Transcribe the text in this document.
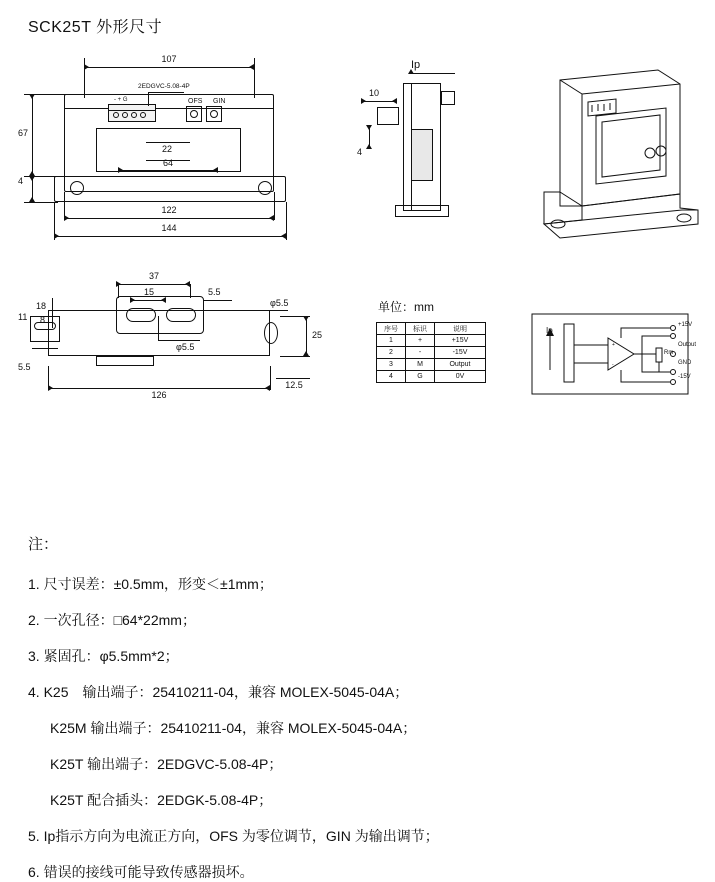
SCK25T 外形尺寸
- + G
2EDGVC-5.08-4P
OFS GIN
107
67
4
22
64
122
144
Ip
10
4
37
15	5.5
18
8
11
5.5
φ5.5
φ5.5
25
126
12.5
单位：mm
序号	标识	说明
1	+	+15V
2	-	-15V
3	M	Output
4	G	0V
+
-
Ip
+15V
Output
GND
-15V
Rm
注：
1. 尺寸误差：±0.5mm，形变＜±1mm；
2. 一次孔径：□64*22mm；
3. 紧固孔：φ5.5mm*2；
4. K25　输出端子：25410211-04，兼容 MOLEX-5045-04A；
K25M 输出端子：25410211-04，兼容 MOLEX-5045-04A；
K25T 输出端子：2EDGVC-5.08-4P；
K25T 配合插头：2EDGK-5.08-4P；
5. Ip指示方向为电流正方向，OFS 为零位调节，GIN 为输出调节；
6. 错误的接线可能导致传感器损坏。
